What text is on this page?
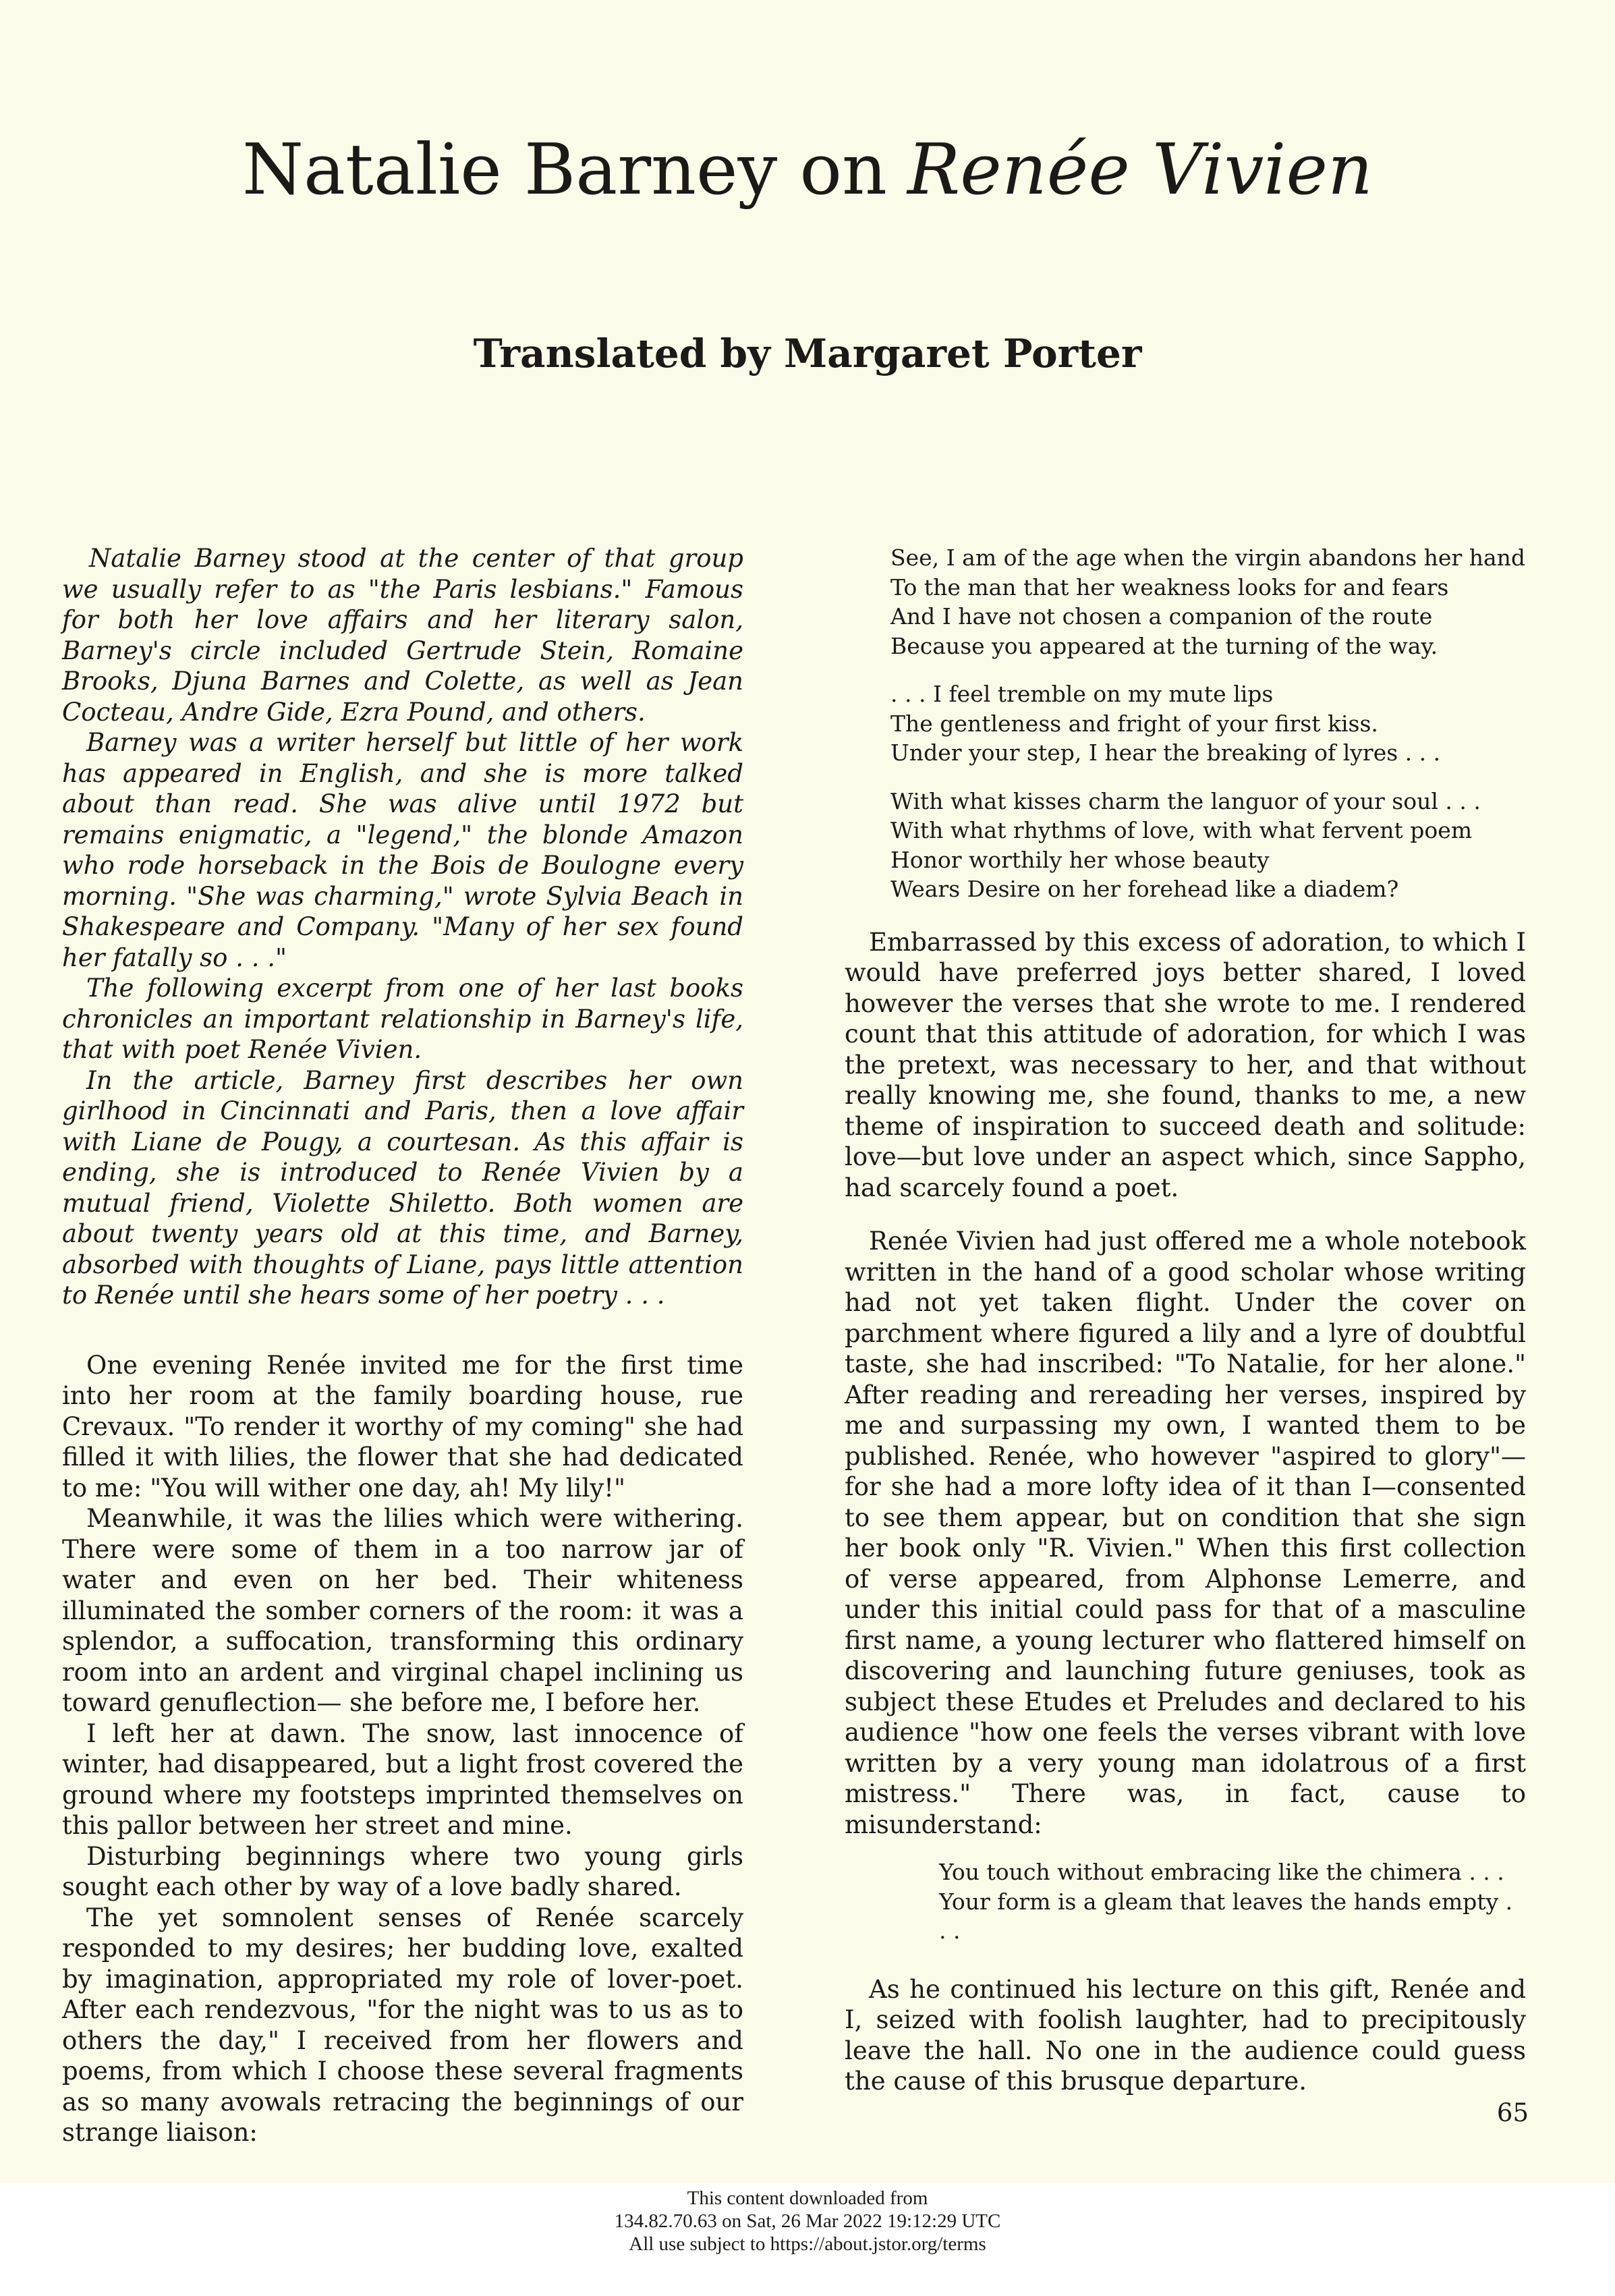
Natalie Barney on Renée Vivien
Translated by Margaret Porter

Natalie Barney stood at the center of that group we usually refer to as "the Paris lesbians." Famous for both her love affairs and her literary salon, Barney's circle included Gertrude Stein, Romaine Brooks, Djuna Barnes and Colette, as well as Jean Cocteau, Andre Gide, Ezra Pound, and others.

Barney was a writer herself but little of her work has appeared in English, and she is more talked about than read. She was alive until 1972 but remains enigmatic, a "legend," the blonde Amazon who rode horseback in the Bois de Boulogne every morning. "She was charming," wrote Sylvia Beach in Shakespeare and Company. "Many of her sex found her fatally so . . ."

The following excerpt from one of her last books chronicles an important relationship in Barney's life, that with poet Renée Vivien.

In the article, Barney first describes her own girlhood in Cincinnati and Paris, then a love affair with Liane de Pougy, a courtesan. As this affair is ending, she is introduced to Renée Vivien by a mutual friend, Violette Shiletto. Both women are about twenty years old at this time, and Barney, absorbed with thoughts of Liane, pays little attention to Renée until she hears some of her poetry . . .

One evening Renée invited me for the first time into her room at the family boarding house, rue Crevaux. "To render it worthy of my coming" she had filled it with lilies, the flower that she had dedicated to me: "You will wither one day, ah! My lily!"

Meanwhile, it was the lilies which were withering. There were some of them in a too narrow jar of water and even on her bed. Their whiteness illuminated the somber corners of the room: it was a splendor, a suffocation, transforming this ordinary room into an ardent and virginal chapel inclining us toward genuflection— she before me, I before her.

I left her at dawn. The snow, last innocence of winter, had disappeared, but a light frost covered the ground where my footsteps imprinted themselves on this pallor between her street and mine.

Disturbing beginnings where two young girls sought each other by way of a love badly shared.

The yet somnolent senses of Renée scarcely responded to my desires; her budding love, exalted by imagination, appropriated my role of lover-poet. After each rendezvous, "for the night was to us as to others the day," I received from her flowers and poems, from which I choose these several fragments as so many avowals retracing the beginnings of our strange liaison:

See, I am of the age when the virgin abandons her hand
To the man that her weakness looks for and fears
And I have not chosen a companion of the route
Because you appeared at the turning of the way.
. . . I feel tremble on my mute lips
The gentleness and fright of your first kiss.
Under your step, I hear the breaking of lyres . . .
With what kisses charm the languor of your soul . . .
With what rhythms of love, with what fervent poem
Honor worthily her whose beauty
Wears Desire on her forehead like a diadem?

Embarrassed by this excess of adoration, to which I would have preferred joys better shared, I loved however the verses that she wrote to me. I rendered count that this attitude of adoration, for which I was the pretext, was necessary to her, and that without really knowing me, she found, thanks to me, a new theme of inspiration to succeed death and solitude: love—but love under an aspect which, since Sappho, had scarcely found a poet.

Renée Vivien had just offered me a whole notebook written in the hand of a good scholar whose writing had not yet taken flight. Under the cover on parchment where figured a lily and a lyre of doubtful taste, she had inscribed: "To Natalie, for her alone." After reading and rereading her verses, inspired by me and surpassing my own, I wanted them to be published. Renée, who however "aspired to glory"—for she had a more lofty idea of it than I—consented to see them appear, but on condition that she sign her book only "R. Vivien." When this first collection of verse appeared, from Alphonse Lemerre, and under this initial could pass for that of a masculine first name, a young lecturer who flattered himself on discovering and launching future geniuses, took as subject these Etudes et Preludes and declared to his audience "how one feels the verses vibrant with love written by a very young man idolatrous of a first mistress." There was, in fact, cause to misunderstand:

You touch without embracing like the chimera . . .
Your form is a gleam that leaves the hands empty . . .

As he continued his lecture on this gift, Renée and I, seized with foolish laughter, had to precipitously leave the hall. No one in the audience could guess the cause of this brusque departure.

65
This content downloaded from
134.82.70.63 on Sat, 26 Mar 2022 19:12:29 UTC
All use subject to https://about.jstor.org/terms
